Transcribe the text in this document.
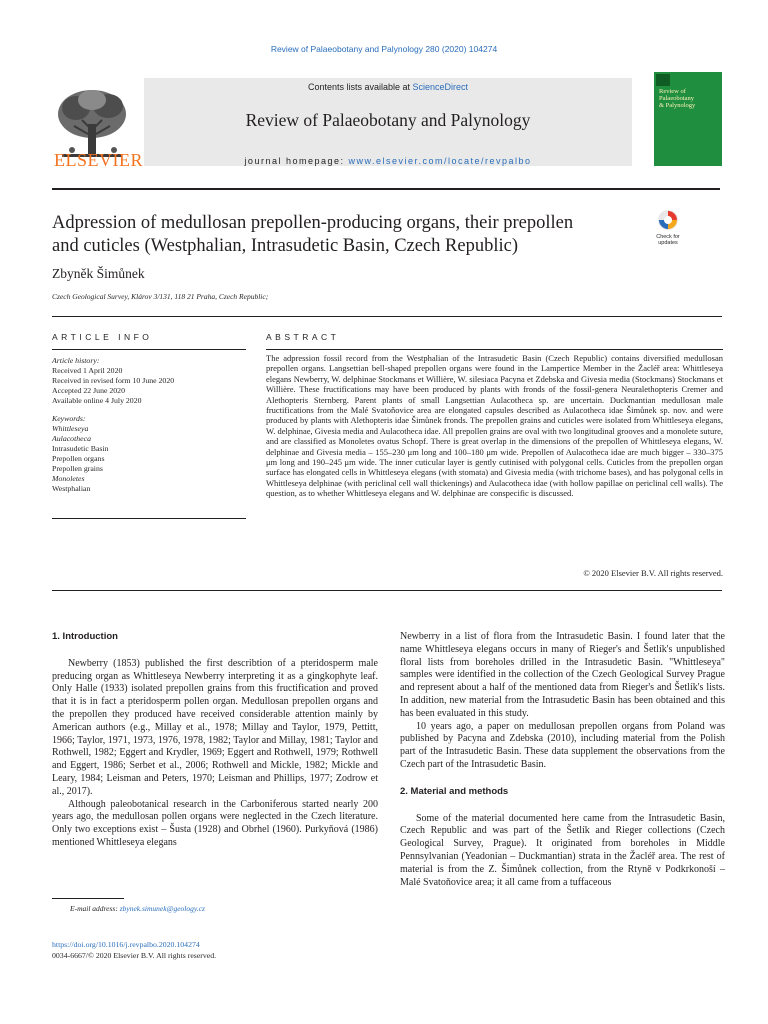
Review of Palaeobotany and Palynology 280 (2020) 104274
ELSEVIER
Contents lists available at ScienceDirect
Review of Palaeobotany and Palynology
journal homepage: www.elsevier.com/locate/revpalbo
Review of
Palaeobotany
& Palynology
Adpression of medullosan prepollen-producing organs, their prepollen
and cuticles (Westphalian, Intrasudetic Basin, Czech Republic)	Check for updates
Zbyněk Šimůnek
Czech Geological Survey, Klárov 3/131, 118 21 Praha, Czech Republic;
ARTICLE INFO
Article history:
Received 1 April 2020
Received in revised form 10 June 2020
Accepted 22 June 2020
Available online 4 July 2020
Keywords:
Whittleseya
Aulacotheca
Intrasudetic Basin
Prepollen organs
Prepollen grains
Monoletes
Westphalian
ABSTRACT

The adpression fossil record from the Westphalian of the Intrasudetic Basin (Czech Republic) contains diversified medullosan prepollen organs. Langsettian bell-shaped prepollen organs were found in the Lampertice Member in the Žacléř area: Whittleseya elegans Newberry, W. delphinae Stockmans et Willière, W. silesiaca Pacyna et Zdebska and Givesia media (Stockmans) Stockmans et Willière. These fructifications may have been produced by plants with fronds of the fossil-genera Neuralethopteris Cremer and Alethopteris Sternberg. Parent plants of small Langsettian Aulacotheca sp. are uncertain. Duckmantian medullosan male fructifications from the Malé Svatoňovice area are elongated capsules described as Aulacotheca idae Šimůnek sp. nov. and were produced by plants with Alethopteris idae Šimůnek fronds. The prepollen grains and cuticles were isolated from Whittleseya elegans, W. delphinae, Givesia media and Aulacotheca idae. All prepollen grains are oval with two longitudinal grooves and a monolete suture, and are classified as Monoletes ovatus Schopf. There is great overlap in the dimensions of the prepollen of Whittleseya elegans, W. delphinae and Givesia media – 155–230 μm long and 100–180 μm wide. Prepollen of Aulacotheca idae are much bigger – 330–375 μm long and 190–245 μm wide. The inner cuticular layer is gently cutinised with polygonal cells. Cuticles from the prepollen organ surface has elongated cells in Whittleseya elegans (with stomata) and Givesia media (with trichome bases), and has polygonal cells in Whittleseya delphinae (with periclinal cell wall thickenings) and Aulacotheca idae (with hollow papillae on periclinal cell walls). The question, as to whether Whittleseya elegans and W. delphinae are conspecific is discussed.

© 2020 Elsevier B.V. All rights reserved.
1. Introduction

Newberry (1853) published the first describtion of a pteridosperm male preducing organ as Whittleseya Newberry interpreting it as a gingkophyte leaf. Only Halle (1933) isolated prepollen grains from this fructification and proved that it is in fact a pteridosperm pollen organ. Medullosan prepollen organs and the prepollen they produced have received considerable attention mainly by American authors (e.g., Millay et al., 1978; Millay and Taylor, 1979, Pettitt, 1966; Taylor, 1971, 1973, 1976, 1978, 1982; Taylor and Millay, 1981; Taylor and Rothwell, 1982; Eggert and Krydler, 1969; Eggert and Rothwell, 1979; Rothwell and Eggert, 1986; Serbet et al., 2006; Rothwell and Mickle, 1982; Mickle and Leary, 1984; Leisman and Peters, 1970; Leisman and Phillips, 1977; Zodrow et al., 2017).

Although paleobotanical research in the Carboniferous started nearly 200 years ago, the medullosan pollen organs were neglected in the Czech literature. Only two exceptions exist – Šusta (1928) and Obrhel (1960). Purkyňová (1986) mentioned Whittleseya elegans

Newberry in a list of flora from the Intrasudetic Basin. I found later that the name Whittleseya elegans occurs in many of Rieger's and Šetlík's unpublished floral lists from boreholes drilled in the Intrasudetic Basin. "Whittleseya" samples were identified in the collection of the Czech Geological Survey Prague and represent about a half of the mentioned data from Rieger's and Šetlík's lists. In addition, new material from the Intrasudetic Basin has been obtained and this has been evaluated in this study.

10 years ago, a paper on medullosan prepollen organs from Poland was published by Pacyna and Zdebska (2010), including material from the Polish part of the Intrasudetic Basin. These data supplement the observations from the Czech part of the Intrasudetic Basin.

2. Material and methods

Some of the material documented here came from the Intrasudetic Basin, Czech Republic and was part of the Šetlík and Rieger collections (Czech Geological Survey, Prague). It originated from boreholes in Middle Pennsylvanian (Yeadonian – Duckmantian) strata in the Žacléř area. The rest of material is from the Z. Šimůnek collection, from the Rtyně v Podkrkonoší – Malé Svatoňovice area; it all came from a tuffaceous

E-mail address: zbynek.simunek@geology.cz
https://doi.org/10.1016/j.revpalbo.2020.104274
0034-6667/© 2020 Elsevier B.V. All rights reserved.
